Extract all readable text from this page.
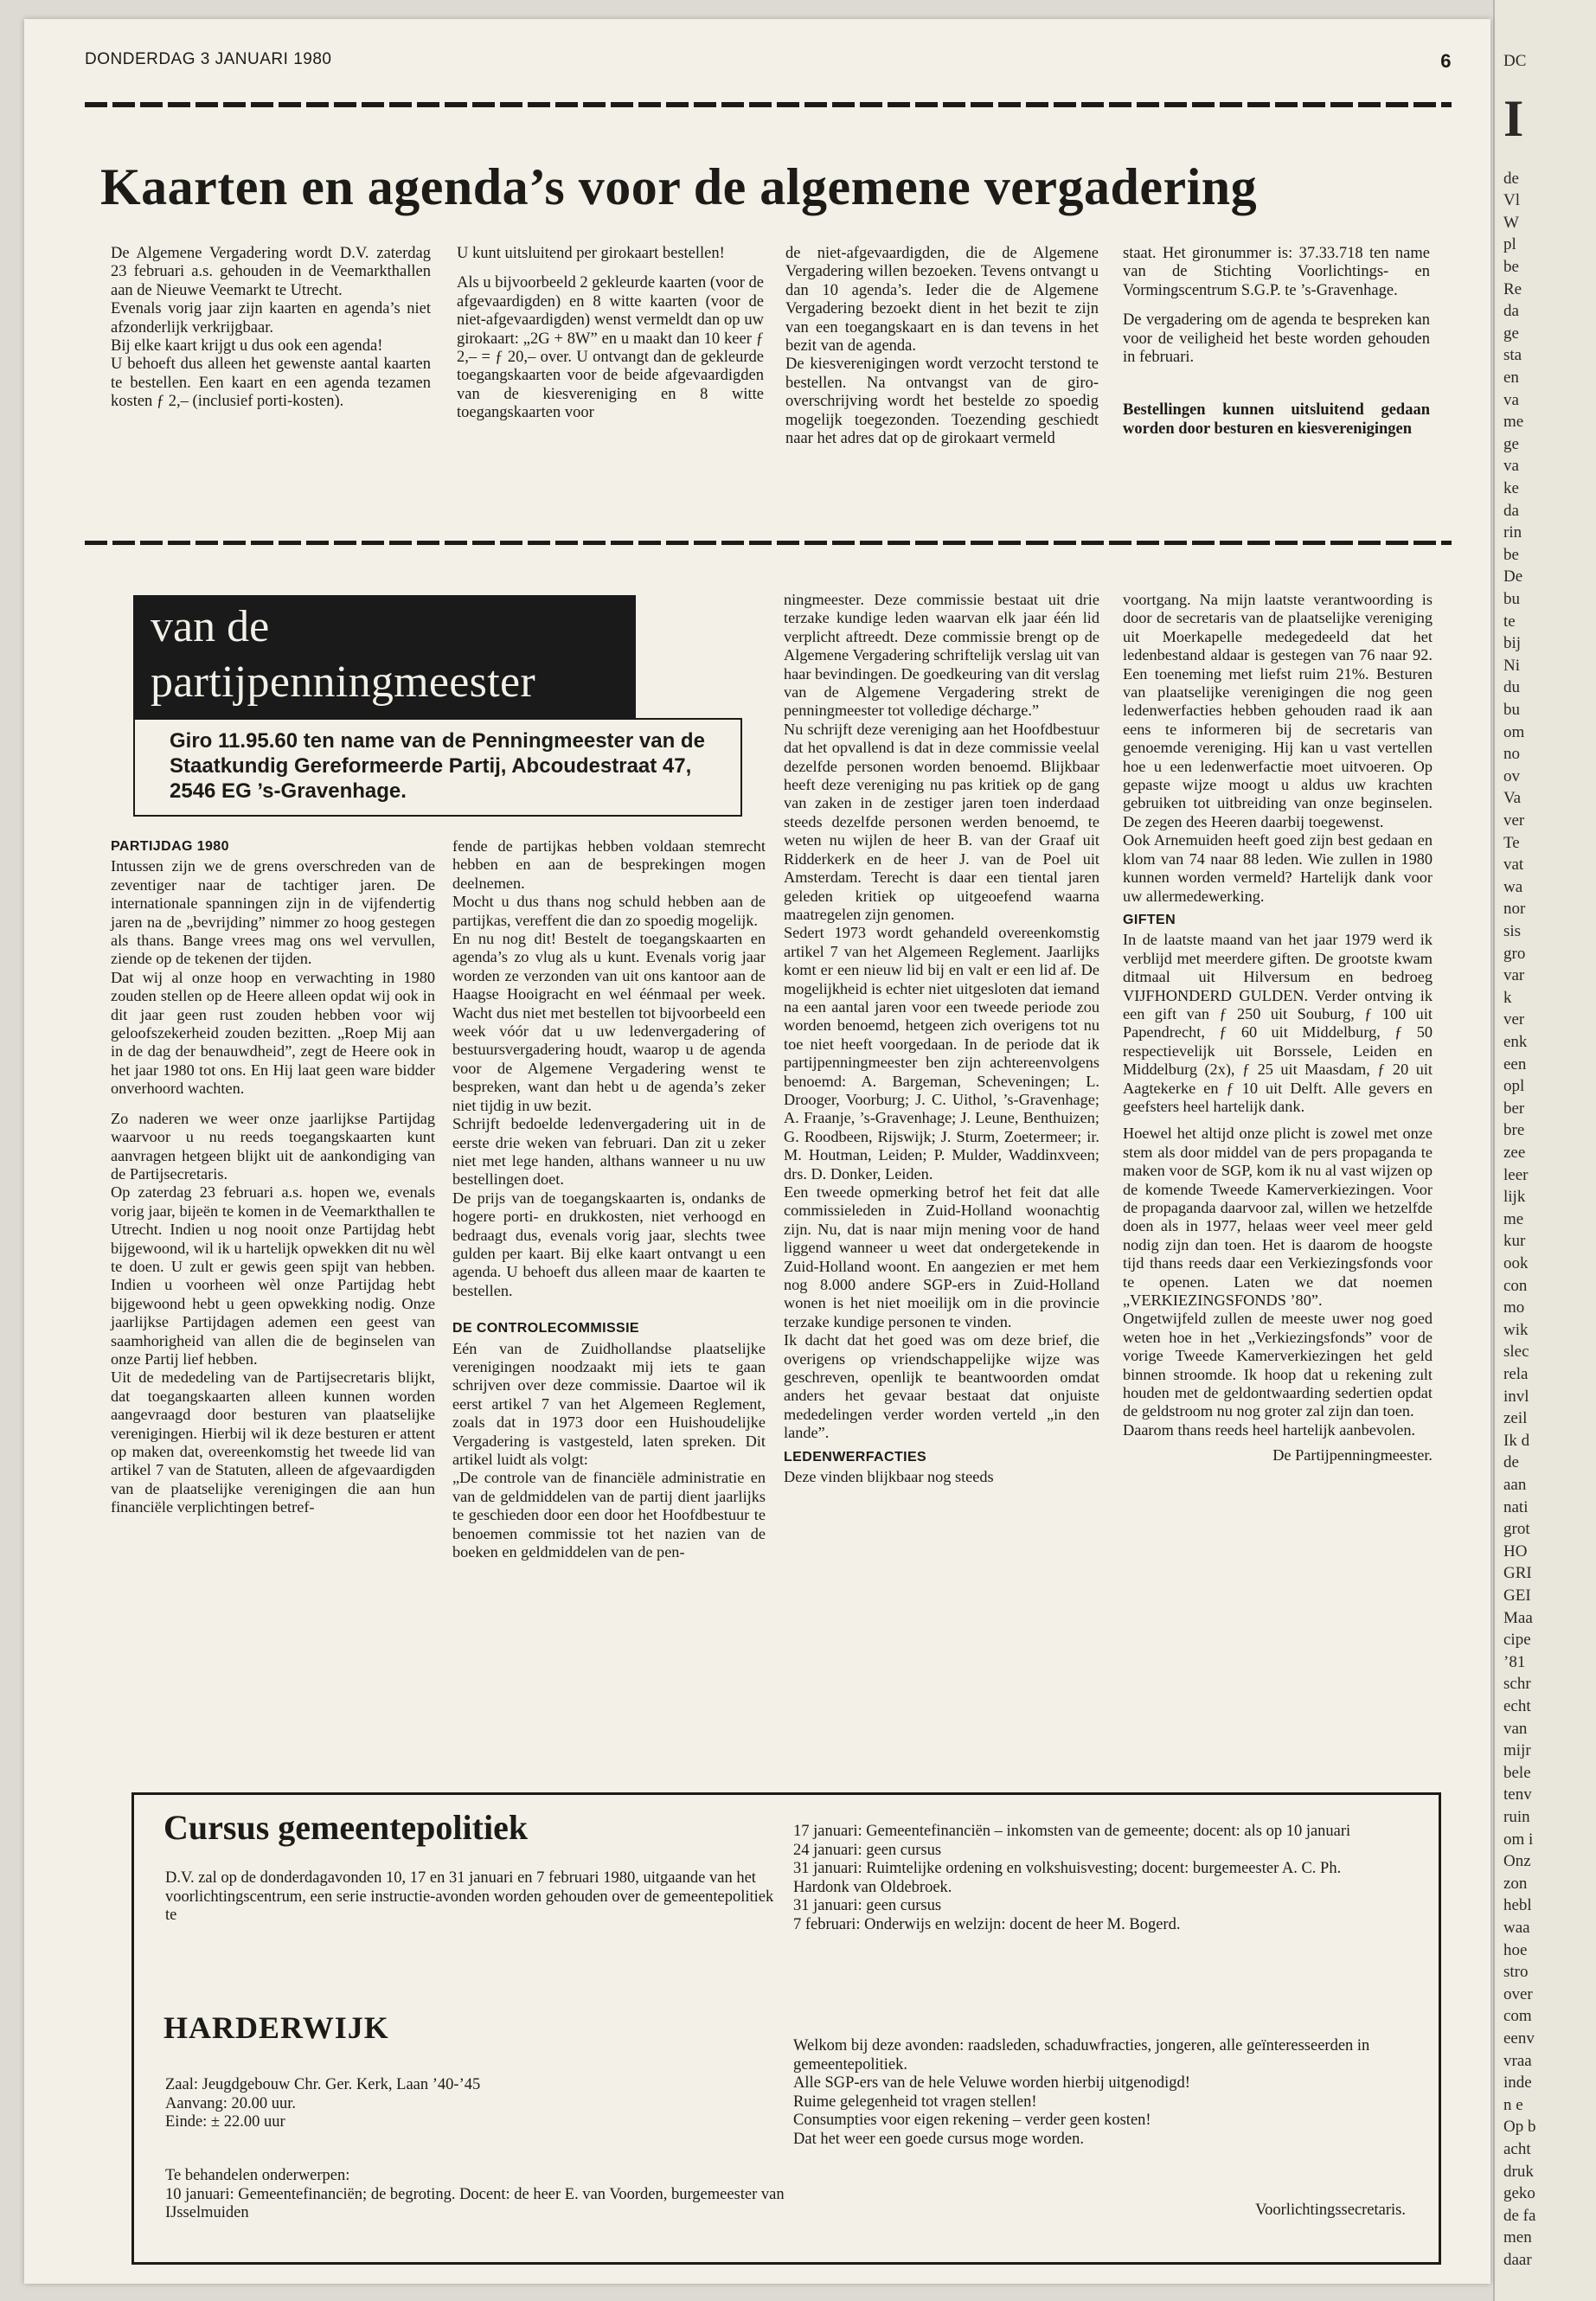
DC
I
de
Vl
W
pl
be
Re
da
ge
sta
en
va
me
ge
va
ke
da
rin
be
De
bu
te
bij
Ni
du
bu
om
no
ov
Va
ver
Te
vat
wa
nor
sis
gro
var
k
ver
enk
een
opl
ber
bre
zee
leer
lijk
me
kur
ook
con
mo
wik
slec
rela
invl
zeil
Ik d
de
aan
nati
grot
HO
GRI
GEI
Maa
cipe
’81
schr
echt
van
mijr
bele
tenv
ruin
om i
Onz
zon
hebl
waa
hoe
stro
over
com
eenv
vraa
inde
n e
Op b
acht
druk
geko
de fa
men
daar
DONDERDAG 3 JANUARI 1980	6
Kaarten en agenda’s voor de algemene vergadering

De Algemene Vergadering wordt D.V. zaterdag 23 februari a.s. gehouden in de Veemarkthallen aan de Nieuwe Veemarkt te Utrecht.

Evenals vorig jaar zijn kaarten en agenda’s niet afzonderlijk verkrijgbaar.

Bij elke kaart krijgt u dus ook een agenda!

U behoeft dus alleen het gewenste aantal kaarten te bestellen. Een kaart en een agenda tezamen kosten ƒ 2,– (inclusief porti-kosten).

U kunt uitsluitend per girokaart bestellen!

Als u bijvoorbeeld 2 gekleurde kaarten (voor de afgevaardigden) en 8 witte kaarten (voor de niet-afgevaardigden) wenst vermeldt dan op uw girokaart: „2G + 8W” en u maakt dan 10 keer ƒ 2,– = ƒ 20,– over. U ontvangt dan de gekleurde toegangskaarten voor de beide afgevaardigden van de kiesvereniging en 8 witte toegangskaarten voor

de niet-afgevaardigden, die de Algemene Vergadering willen bezoeken. Tevens ontvangt u dan 10 agenda’s. Ieder die de Algemene Vergadering bezoekt dient in het bezit te zijn van een toegangskaart en is dan tevens in het bezit van de agenda.

De kiesverenigingen wordt verzocht terstond te bestellen. Na ontvangst van de giro-overschrijving wordt het bestelde zo spoedig mogelijk toegezonden. Toezending geschiedt naar het adres dat op de girokaart vermeld

staat. Het gironummer is: 37.33.718 ten name van de Stichting Voorlichtings- en Vormingscentrum S.G.P. te ’s-Gravenhage.

De vergadering om de agenda te bespreken kan voor de veiligheid het beste worden gehouden in februari.

Bestellingen kunnen uitsluitend gedaan worden door besturen en kiesverenigingen

van de
partijpenningmeester
Giro 11.95.60 ten name van de Penningmeester van de Staatkundig Gereformeerde Partij, Abcoudestraat 47, 2546 EG ’s-Gravenhage.
PARTIJDAG 1980

Intussen zijn we de grens overschreden van de zeventiger naar de tachtiger jaren. De internationale spanningen zijn in de vijfendertig jaren na de „bevrijding” nimmer zo hoog gestegen als thans. Bange vrees mag ons wel vervullen, ziende op de tekenen der tijden.

Dat wij al onze hoop en verwachting in 1980 zouden stellen op de Heere alleen opdat wij ook in dit jaar geen rust zouden hebben voor wij geloofszekerheid zouden bezitten. „Roep Mij aan in de dag der benauwdheid”, zegt de Heere ook in het jaar 1980 tot ons. En Hij laat geen ware bidder onverhoord wachten.

Zo naderen we weer onze jaarlijkse Partijdag waarvoor u nu reeds toegangskaarten kunt aanvragen hetgeen blijkt uit de aankondiging van de Partijsecretaris.

Op zaterdag 23 februari a.s. hopen we, evenals vorig jaar, bijeën te komen in de Veemarkthallen te Utrecht. Indien u nog nooit onze Partijdag hebt bijgewoond, wil ik u hartelijk opwekken dit nu wèl te doen. U zult er gewis geen spijt van hebben. Indien u voorheen wèl onze Partijdag hebt bijgewoond hebt u geen opwekking nodig. Onze jaarlijkse Partijdagen ademen een geest van saamhorigheid van allen die de beginselen van onze Partij lief hebben.

Uit de mededeling van de Partijsecretaris blijkt, dat toegangskaarten alleen kunnen worden aangevraagd door besturen van plaatselijke verenigingen. Hierbij wil ik deze besturen er attent op maken dat, overeenkomstig het tweede lid van artikel 7 van de Statuten, alleen de afgevaardigden van de plaatselijke verenigingen die aan hun financiële verplichtingen betref-

fende de partijkas hebben voldaan stemrecht hebben en aan de besprekingen mogen deelnemen.

Mocht u dus thans nog schuld hebben aan de partijkas, vereffent die dan zo spoedig mogelijk.

En nu nog dit! Bestelt de toegangskaarten en agenda’s zo vlug als u kunt. Evenals vorig jaar worden ze verzonden van uit ons kantoor aan de Haagse Hooigracht en wel éénmaal per week. Wacht dus niet met bestellen tot bijvoorbeeld een week vóór dat u uw ledenvergadering of bestuursvergadering houdt, waarop u de agenda voor de Algemene Vergadering wenst te bespreken, want dan hebt u de agenda’s zeker niet tijdig in uw bezit.

Schrijft bedoelde ledenvergadering uit in de eerste drie weken van februari. Dan zit u zeker niet met lege handen, althans wanneer u nu uw bestellingen doet.

De prijs van de toegangskaarten is, ondanks de hogere porti- en drukkosten, niet verhoogd en bedraagt dus, evenals vorig jaar, slechts twee gulden per kaart. Bij elke kaart ontvangt u een agenda. U behoeft dus alleen maar de kaarten te bestellen.

DE CONTROLECOMMISSIE

Eén van de Zuidhollandse plaatselijke verenigingen noodzaakt mij iets te gaan schrijven over deze commissie. Daartoe wil ik eerst artikel 7 van het Algemeen Reglement, zoals dat in 1973 door een Huishoudelijke Vergadering is vastgesteld, laten spreken. Dit artikel luidt als volgt:

„De controle van de financiële administratie en van de geldmiddelen van de partij dient jaarlijks te geschieden door een door het Hoofdbestuur te benoemen commissie tot het nazien van de boeken en geldmiddelen van de pen-

ningmeester. Deze commissie bestaat uit drie terzake kundige leden waarvan elk jaar één lid verplicht aftreedt. Deze commissie brengt op de Algemene Vergadering schriftelijk verslag uit van haar bevindingen. De goedkeuring van dit verslag van de Algemene Vergadering strekt de penningmeester tot volledige décharge.”

Nu schrijft deze vereniging aan het Hoofdbestuur dat het opvallend is dat in deze commissie veelal dezelfde personen worden benoemd. Blijkbaar heeft deze vereniging nu pas kritiek op de gang van zaken in de zestiger jaren toen inderdaad steeds dezelfde personen werden benoemd, te weten nu wijlen de heer B. van der Graaf uit Ridderkerk en de heer J. van de Poel uit Amsterdam. Terecht is daar een tiental jaren geleden kritiek op uitgeoefend waarna maatregelen zijn genomen.

Sedert 1973 wordt gehandeld overeenkomstig artikel 7 van het Algemeen Reglement. Jaarlijks komt er een nieuw lid bij en valt er een lid af. De mogelijkheid is echter niet uitgesloten dat iemand na een aantal jaren voor een tweede periode zou worden benoemd, hetgeen zich overigens tot nu toe niet heeft voorgedaan. In de periode dat ik partijpenningmeester ben zijn achtereenvolgens benoemd: A. Bargeman, Scheveningen; L. Drooger, Voorburg; J. C. Uithol, ’s-Gravenhage; A. Fraanje, ’s-Gravenhage; J. Leune, Benthuizen; G. Roodbeen, Rijswijk; J. Sturm, Zoetermeer; ir. M. Houtman, Leiden; P. Mulder, Waddinxveen; drs. D. Donker, Leiden.

Een tweede opmerking betrof het feit dat alle commissieleden in Zuid-Holland woonachtig zijn. Nu, dat is naar mijn mening voor de hand liggend wanneer u weet dat ondergetekende in Zuid-Holland woont. En aangezien er met hem nog 8.000 andere SGP-ers in Zuid-Holland wonen is het niet moeilijk om in die provincie terzake kundige personen te vinden.

Ik dacht dat het goed was om deze brief, die overigens op vriendschappelijke wijze was geschreven, openlijk te beantwoorden omdat anders het gevaar bestaat dat onjuiste mededelingen verder worden verteld „in den lande”.

LEDENWERFACTIES

Deze vinden blijkbaar nog steeds

voortgang. Na mijn laatste verantwoording is door de secretaris van de plaatselijke vereniging uit Moerkapelle medegedeeld dat het ledenbestand aldaar is gestegen van 76 naar 92. Een toeneming met liefst ruim 21%. Besturen van plaatselijke verenigingen die nog geen ledenwerfacties hebben gehouden raad ik aan eens te informeren bij de secretaris van genoemde vereniging. Hij kan u vast vertellen hoe u een ledenwerfactie moet uitvoeren. Op gepaste wijze moogt u aldus uw krachten gebruiken tot uitbreiding van onze beginselen. De zegen des Heeren daarbij toegewenst.

Ook Arnemuiden heeft goed zijn best gedaan en klom van 74 naar 88 leden. Wie zullen in 1980 kunnen worden vermeld? Hartelijk dank voor uw allermedewerking.

GIFTEN

In de laatste maand van het jaar 1979 werd ik verblijd met meerdere giften. De grootste kwam ditmaal uit Hilversum en bedroeg VIJFHONDERD GULDEN. Verder ontving ik een gift van ƒ 250 uit Souburg, ƒ 100 uit Papendrecht, ƒ 60 uit Middelburg, ƒ 50 respectievelijk uit Borssele, Leiden en Middelburg (2x), ƒ 25 uit Maasdam, ƒ 20 uit Aagtekerke en ƒ 10 uit Delft. Alle gevers en geefsters heel hartelijk dank.

Hoewel het altijd onze plicht is zowel met onze stem als door middel van de pers propaganda te maken voor de SGP, kom ik nu al vast wijzen op de komende Tweede Kamerverkiezingen. Voor de propaganda daarvoor zal, willen we hetzelfde doen als in 1977, helaas weer veel meer geld nodig zijn dan toen. Het is daarom de hoogste tijd thans reeds daar een Verkiezingsfonds voor te openen. Laten we dat noemen „VERKIEZINGSFONDS ’80”.

Ongetwijfeld zullen de meeste uwer nog goed weten hoe in het „Verkiezingsfonds” voor de vorige Tweede Kamerverkiezingen het geld binnen stroomde. Ik hoop dat u rekening zult houden met de geldontwaarding sedertien opdat de geldstroom nu nog groter zal zijn dan toen.

Daarom thans reeds heel hartelijk aanbevolen.

De Partijpenningmeester.

Cursus gemeentepolitiek
D.V. zal op de donderdagavonden 10, 17 en 31 januari en 7 februari 1980, uitgaande van het voorlichtingscentrum, een serie instructie-avonden worden gehouden over de gemeentepolitiek te
HARDERWIJK

Zaal: Jeugdgebouw Chr. Ger. Kerk, Laan ’40-’45

Aanvang: 20.00 uur.

Einde: ± 22.00 uur

Te behandelen onderwerpen:

10 januari: Gemeentefinanciën; de begroting. Docent: de heer E. van Voorden, burgemeester van IJsselmuiden

17 januari: Gemeentefinanciën – inkomsten van de gemeente; docent: als op 10 januari

24 januari: geen cursus

31 januari: Ruimtelijke ordening en volkshuisvesting; docent: burgemeester A. C. Ph. Hardonk van Oldebroek.

31 januari: geen cursus

7 februari: Onderwijs en welzijn: docent de heer M. Bogerd.

Welkom bij deze avonden: raadsleden, schaduwfracties, jongeren, alle geïnteresseerden in gemeentepolitiek.

Alle SGP-ers van de hele Veluwe worden hierbij uitgenodigd!

Ruime gelegenheid tot vragen stellen!

Consumpties voor eigen rekening – verder geen kosten!

Dat het weer een goede cursus moge worden.

Voorlichtingssecretaris.
